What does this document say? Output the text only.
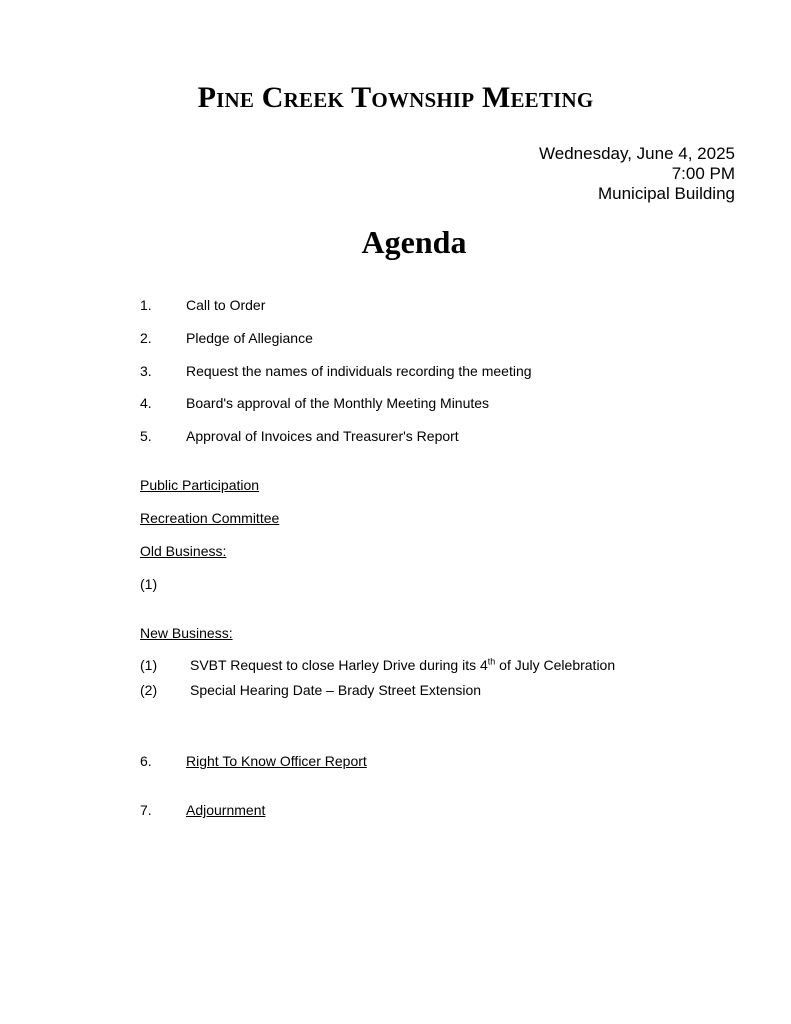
Pine Creek Township Meeting
Wednesday, June 4, 2025
7:00 PM
Municipal Building
Agenda
1. Call to Order
2. Pledge of Allegiance
3. Request the names of individuals recording the meeting
4. Board's approval of the Monthly Meeting Minutes
5. Approval of Invoices and Treasurer's Report
Public Participation
Recreation Committee
Old Business:
(1)
New Business:
(1) SVBT Request to close Harley Drive during its 4th of July Celebration
(2) Special Hearing Date – Brady Street Extension
6. Right To Know Officer Report
7. Adjournment
